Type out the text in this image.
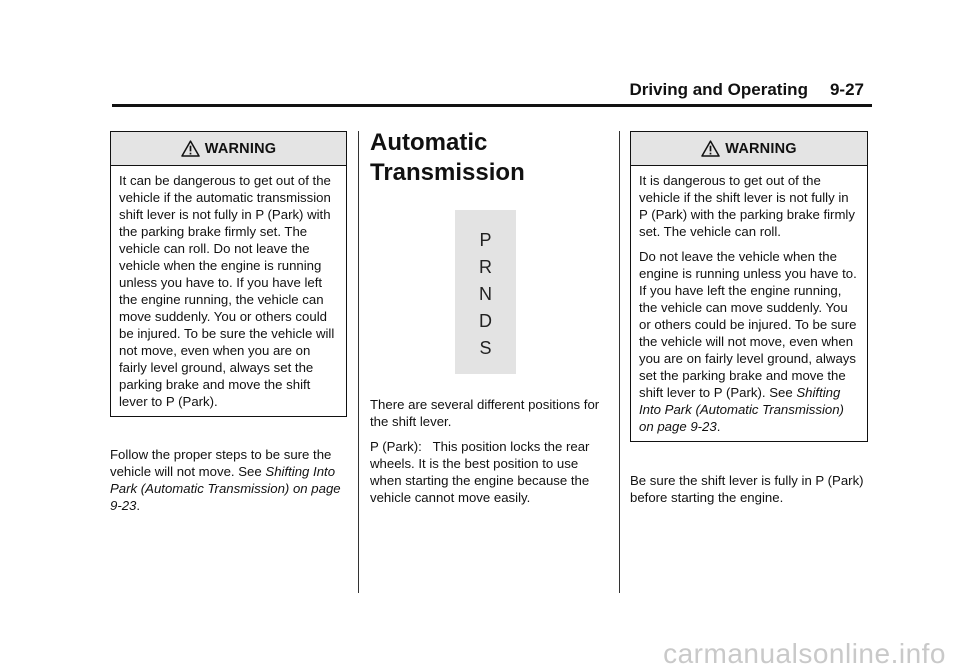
Driving and Operating 9-27
WARNING

It can be dangerous to get out of the vehicle if the automatic transmission shift lever is not fully in P (Park) with the parking brake firmly set. The vehicle can roll. Do not leave the vehicle when the engine is running unless you have to. If you have left the engine running, the vehicle can move suddenly. You or others could be injured. To be sure the vehicle will not move, even when you are on fairly level ground, always set the parking brake and move the shift lever to P (Park).

Follow the proper steps to be sure the vehicle will not move. See Shifting Into Park (Automatic Transmission) on page 9-23.

Automatic
Transmission
P
R
N
D
S

There are several different positions for the shift lever.

P (Park): This position locks the rear wheels. It is the best position to use when starting the engine because the vehicle cannot move easily.

WARNING

It is dangerous to get out of the vehicle if the shift lever is not fully in P (Park) with the parking brake firmly set. The vehicle can roll.

Do not leave the vehicle when the engine is running unless you have to. If you have left the engine running, the vehicle can move suddenly. You or others could be injured. To be sure the vehicle will not move, even when you are on fairly level ground, always set the parking brake and move the shift lever to P (Park). See Shifting Into Park (Automatic Transmission) on page 9-23.

Be sure the shift lever is fully in P (Park) before starting the engine.

carmanualsonline.info
